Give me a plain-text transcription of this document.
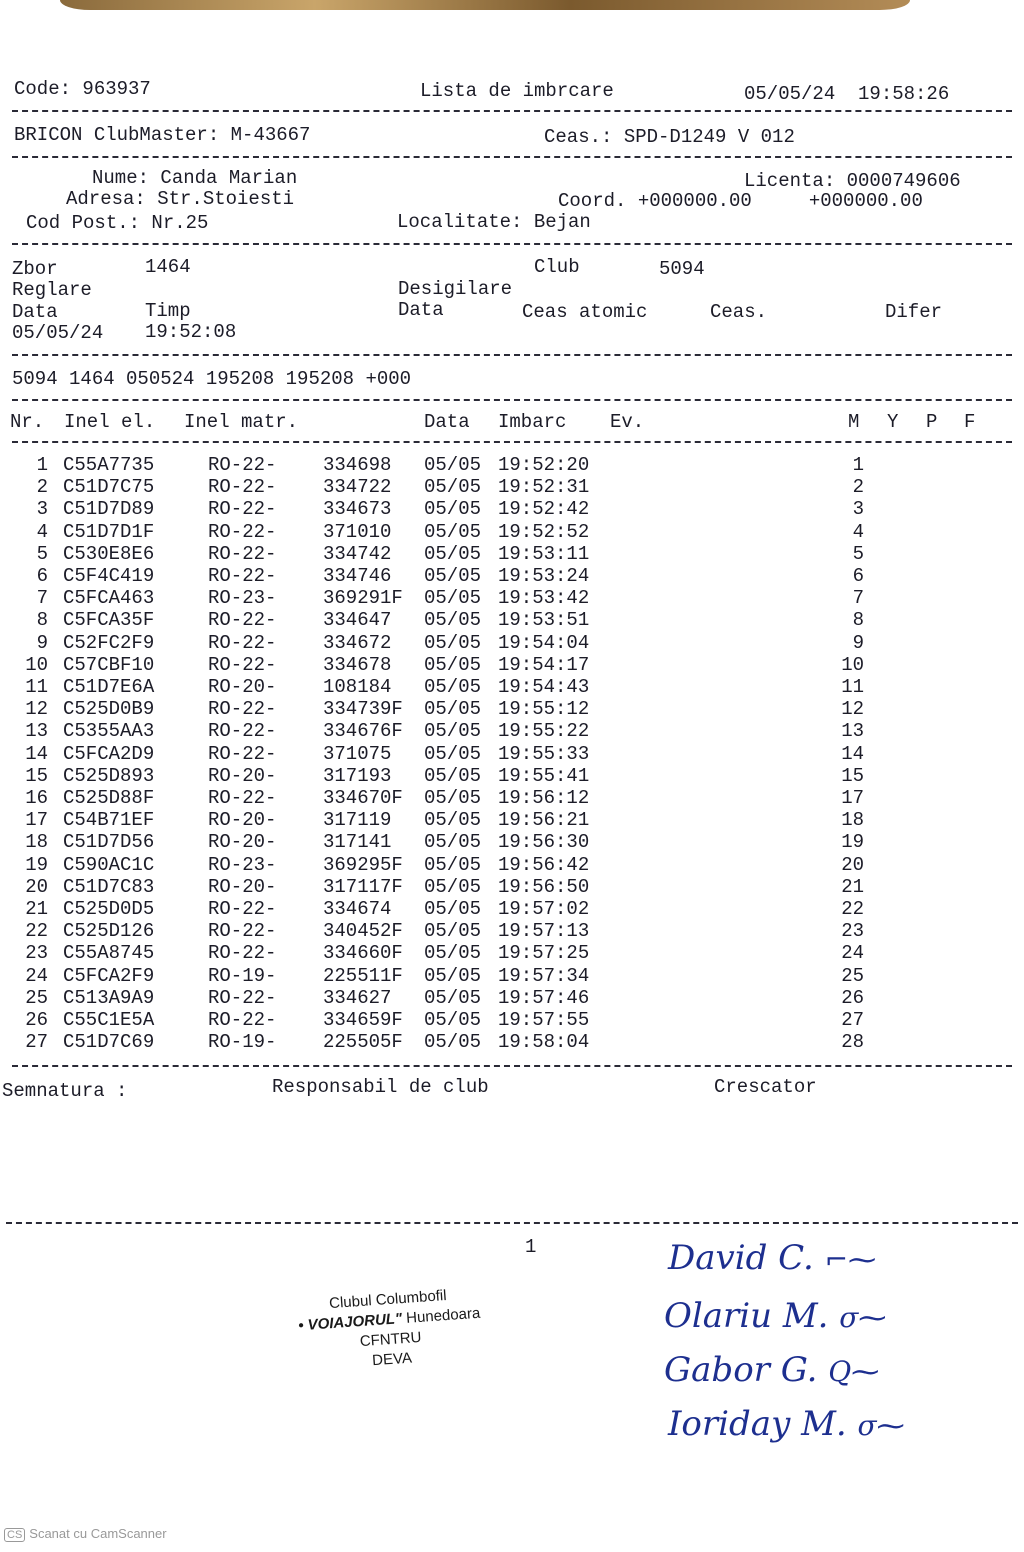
Code: 963937	Lista de imbrcare	05/05/24  19:58:26
BRICON ClubMaster: M-43667	Ceas.: SPD-D1249 V 012
Nume: Canda Marian	Licenta: 0000749606
Adresa: Str.Stoiesti	Coord. +000000.00     +000000.00
Cod Post.: Nr.25	Localitate: Bejan
Zbor	1464	Club	5094
Reglare	Desigilare
Data	Timp	Data	Ceas atomic	Ceas.	Difer
05/05/24 19:52:08
5094 1464 050524 195208 195208 +000
Nr. Inel el. Inel matr.	Data Imbarc Ev.	M Y P F
1 C55A7735	RO-22- 334698 05/05 19:52:20	1
2 C51D7C75	RO-22- 334722 05/05 19:52:31	2
3 C51D7D89	RO-22- 334673 05/05 19:52:42	3
4 C51D7D1F	RO-22- 371010 05/05 19:52:52	4
5 C530E8E6	RO-22- 334742 05/05 19:53:11	5
6 C5F4C419	RO-22- 334746 05/05 19:53:24	6
7 C5FCA463	RO-23- 369291F 05/05 19:53:42	7
8 C5FCA35F	RO-22- 334647 05/05 19:53:51	8
9 C52FC2F9	RO-22- 334672 05/05 19:54:04	9
10 C57CBF10	RO-22- 334678 05/05 19:54:17	10
11 C51D7E6A	RO-20- 108184 05/05 19:54:43	11
12 C525D0B9	RO-22- 334739F 05/05 19:55:12	12
13 C5355AA3	RO-22- 334676F 05/05 19:55:22	13
14 C5FCA2D9	RO-22- 371075 05/05 19:55:33	14
15 C525D893	RO-20- 317193 05/05 19:55:41	15
16 C525D88F	RO-22- 334670F 05/05 19:56:12	17
17 C54B71EF	RO-20- 317119 05/05 19:56:21	18
18 C51D7D56	RO-20- 317141 05/05 19:56:30	19
19 C590AC1C	RO-23- 369295F 05/05 19:56:42	20
20 C51D7C83	RO-20- 317117F 05/05 19:56:50	21
21 C525D0D5	RO-22- 334674 05/05 19:57:02	22
22 C525D126	RO-22- 340452F 05/05 19:57:13	23
23 C55A8745	RO-22- 334660F 05/05 19:57:25	24
24 C5FCA2F9	RO-19- 225511F 05/05 19:57:34	25
25 C513A9A9	RO-22- 334627 05/05 19:57:46	26
26 C55C1E5A	RO-22- 334659F 05/05 19:57:55	27
27 C51D7C69	RO-19- 225505F 05/05 19:58:04	28
Semnatura :	Responsabil de club	Crescator
1
Clubul Columbofil
• VOIAJORUL" Hunedoara
CFNTRU
DEVA
David C. ⌐⁓
Olariu M. σ⁓
Gabor G. Q⁓
Ioriday M. σ⁓
CS Scanat cu CamScanner
